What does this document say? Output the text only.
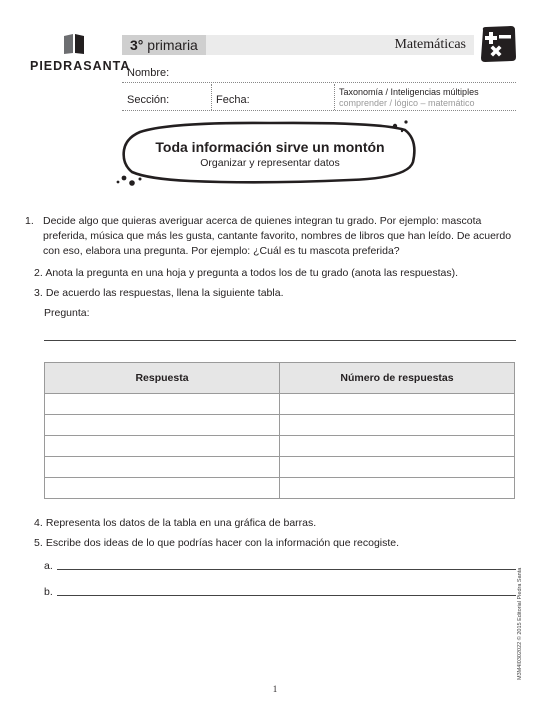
PIEDRASANTA
3° primaria	Matemáticas
Nombre:
Sección:	Fecha:
Taxonomía / Inteligencias múltiples
comprender / lógico – matemático
Toda información sirve un montón
Organizar y representar datos
1. Decide algo que quieras averiguar acerca de quienes integran tu grado. Por ejemplo: mascota preferida, música que más les gusta, cantante favorito, nombres de libros que han leído. De acuerdo con eso, elabora una pregunta. Por ejemplo: ¿Cuál es tu mascota preferida?
2. Anota la pregunta en una hoja y pregunta a todos los de tu grado (anota las respuestas).
3. De acuerdo las respuestas, llena la siguiente tabla.
Pregunta:
Respuesta	Número de respuestas

4. Representa los datos de la tabla en una gráfica de barras.
5. Escribe dos ideas de lo que podrías hacer con la información que recogiste.
a.
b.	M3M4I0302022 © 2015 Editorial Piedra Santa
1
